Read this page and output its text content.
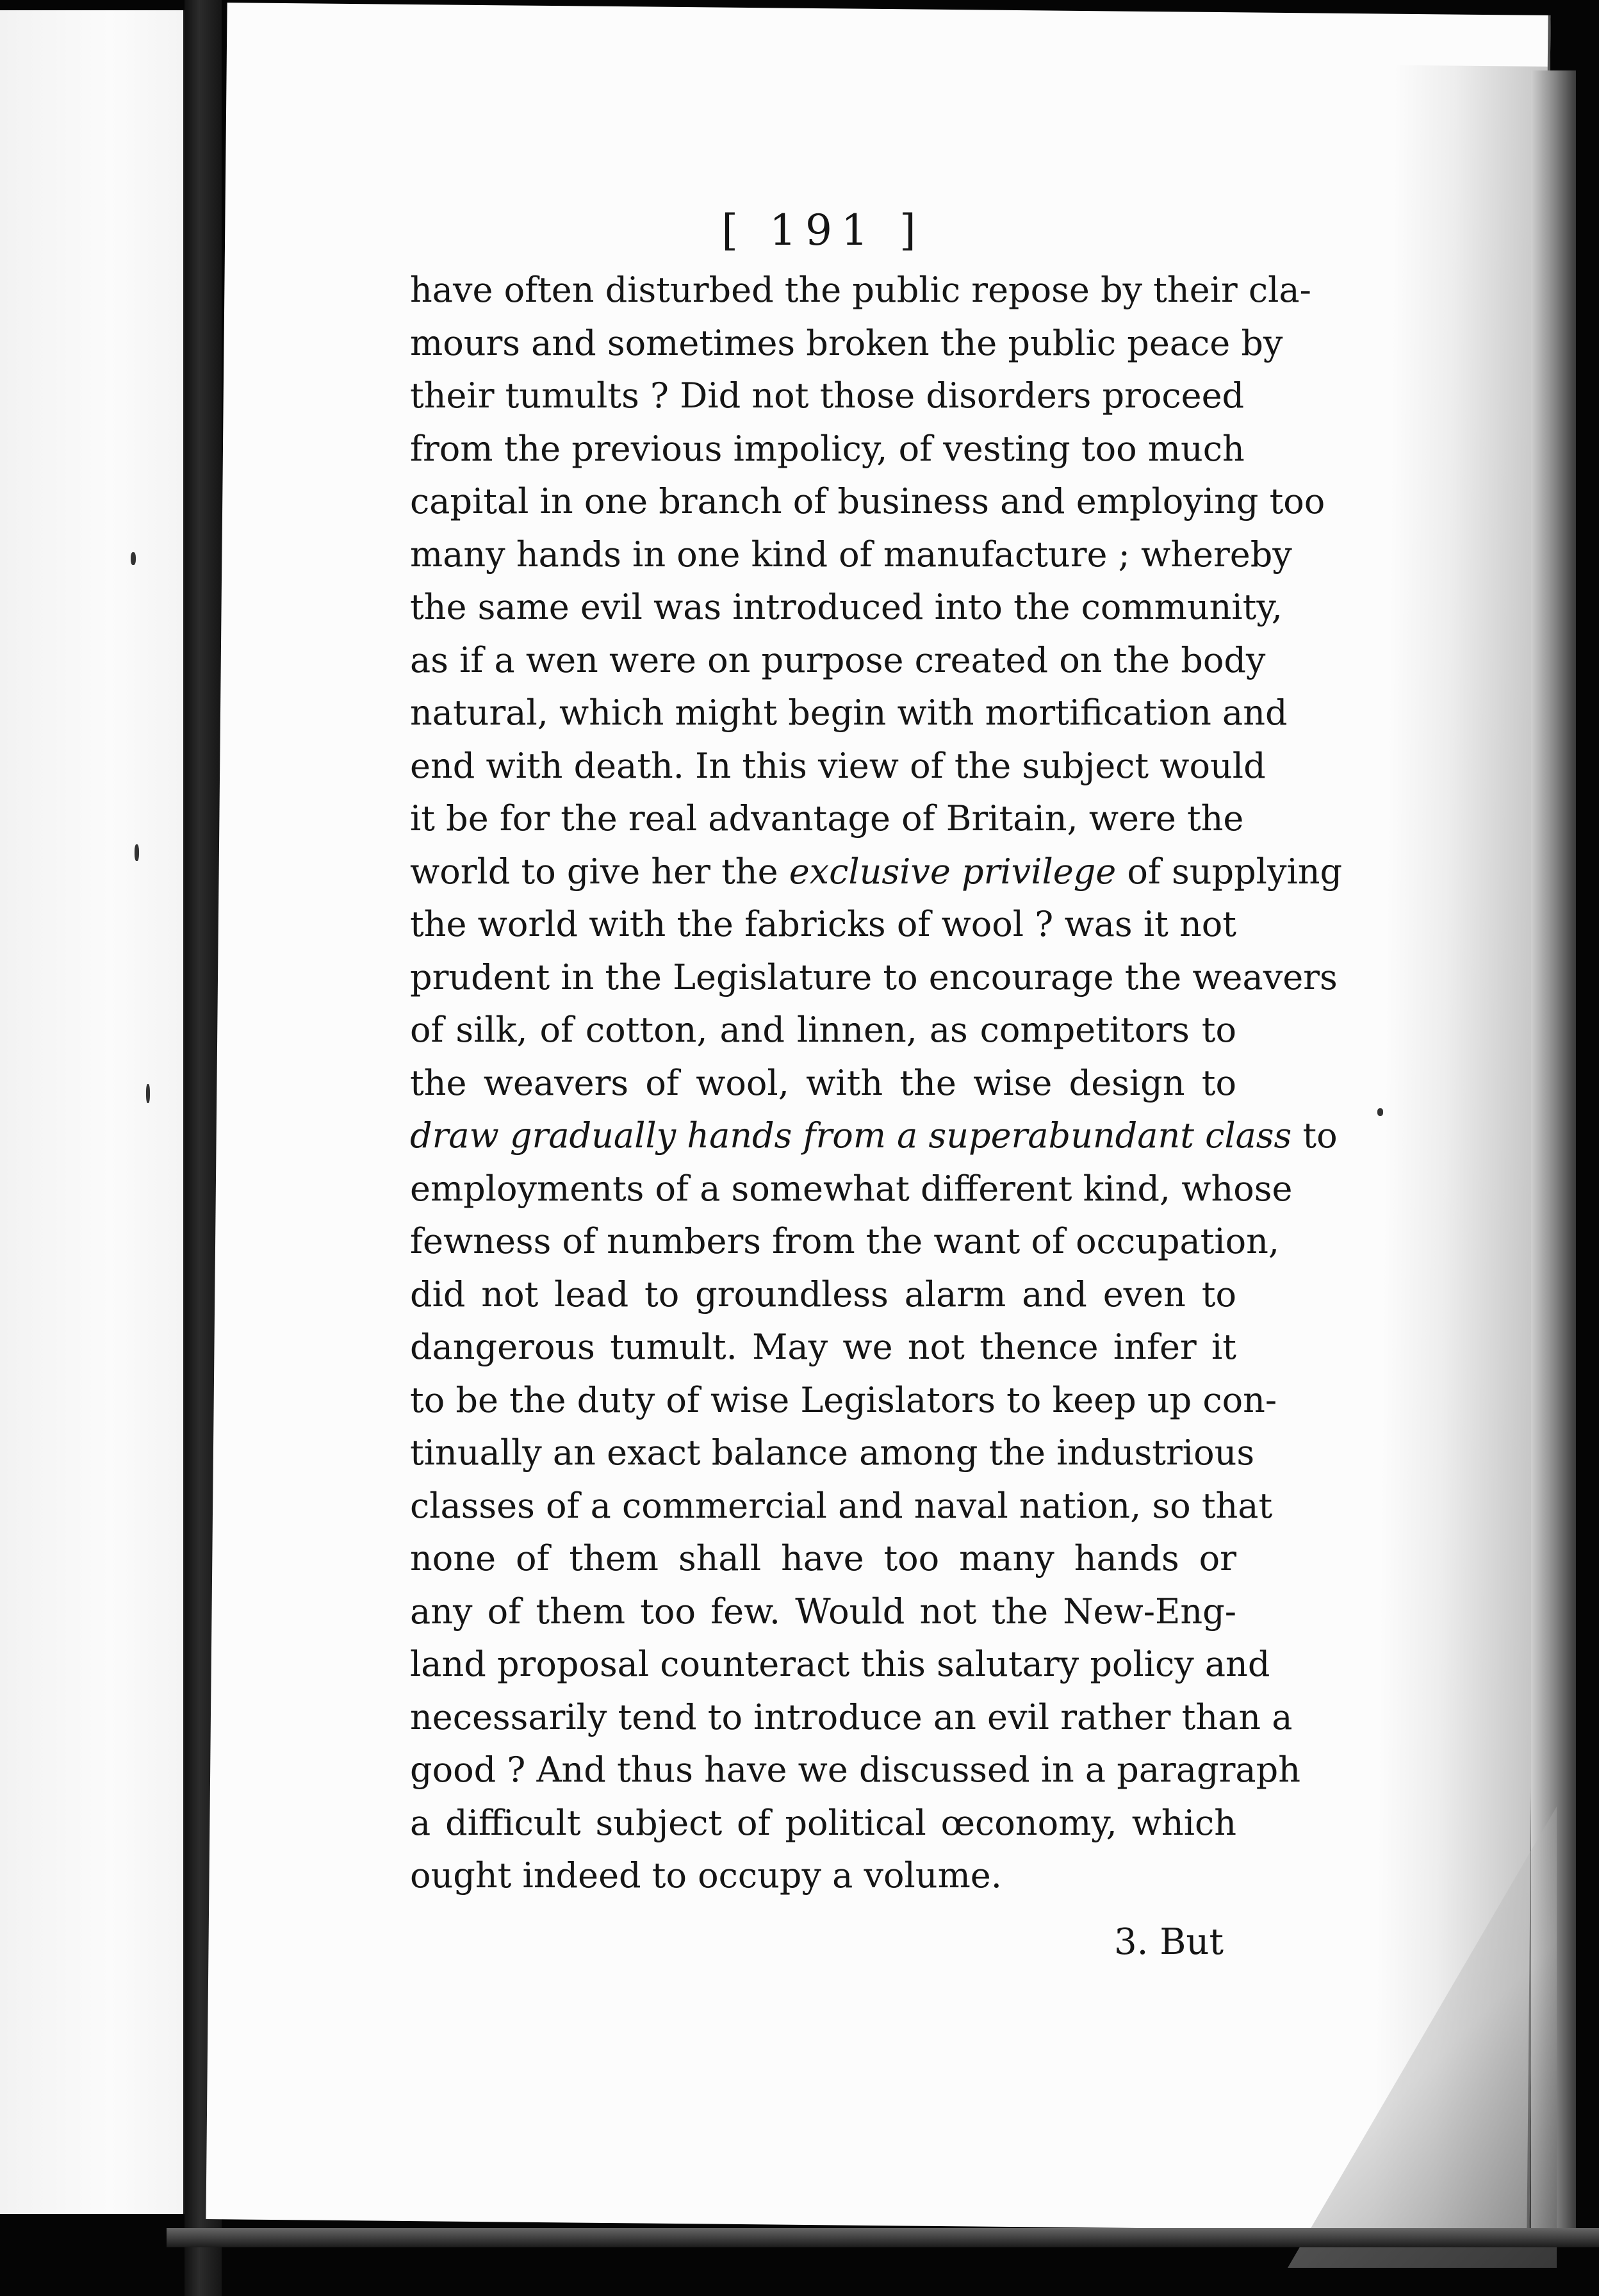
[ 191 ]
have often disturbed the public repose by their cla-
mours and sometimes broken the public peace by
their tumults ? Did not those disorders proceed
from the previous impolicy, of vesting too much
capital in one branch of business and employing too
many hands in one kind of manufacture ; whereby
the same evil was introduced into the community,
as if a wen were on purpose created on the body
natural, which might begin with mortification and
end with death. In this view of the subject would
it be for the real advantage of Britain, were the
world to give her the exclusive privilege of supplying
the world with the fabricks of wool ? was it not
prudent in the Legislature to encourage the weavers
of silk, of cotton, and linnen, as competitors to
the weavers of wool, with the wise design to
draw gradually hands from a superabundant class to
employments of a somewhat different kind, whose
fewness of numbers from the want of occupation,
did not lead to groundless alarm and even to
dangerous tumult. May we not thence infer it
to be the duty of wise Legislators to keep up con-
tinually an exact balance among the industrious
classes of a commercial and naval nation, so that
none of them shall have too many hands or
any of them too few. Would not the New-Eng-
land proposal counteract this salutary policy and
necessarily tend to introduce an evil rather than a
good ? And thus have we discussed in a paragraph
a difficult subject of political œconomy, which
ought indeed to occupy a volume.
3. But
